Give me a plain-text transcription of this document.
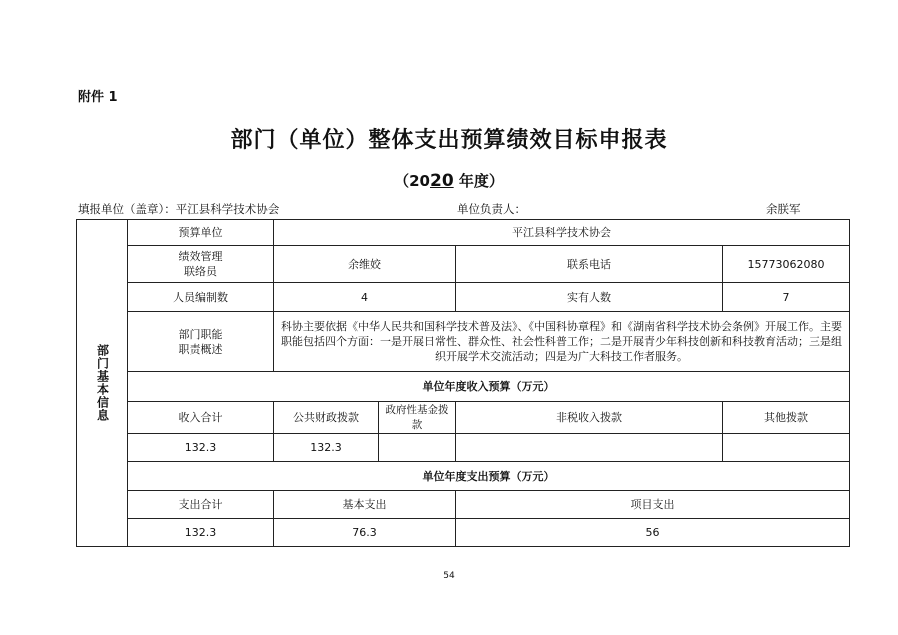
附件 1
部门（单位）整体支出预算绩效目标申报表
（2020 年度）
填报单位（盖章）：平江县科学技术协会	单位负责人：	余朕军
部门基本信息	预算单位	平江县科学技术协会			
	绩效管理
联络员	余维姣		联系电话	15773062080
	人员编制数	4		实有人数	7
	部门职能
职责概述	科协主要依据《中华人民共和国科学技术普及法》、《中国科协章程》和《湖南省科学技术协会条例》开展工作。主要职能包括四个方面：一是开展日常性、群众性、社会性科普工作；二是开展青少年科技创新和科技教育活动；三是组织开展学术交流活动；四是为广大科技工作者服务。			
	单位年度收入预算（万元）				
	收入合计	公共财政拨款	政府性基金拨
款	非税收入拨款	其他拨款
	132.3	132.3			
	单位年度支出预算（万元）				
	支出合计	基本支出		项目支出	
	132.3	76.3		56	
54
